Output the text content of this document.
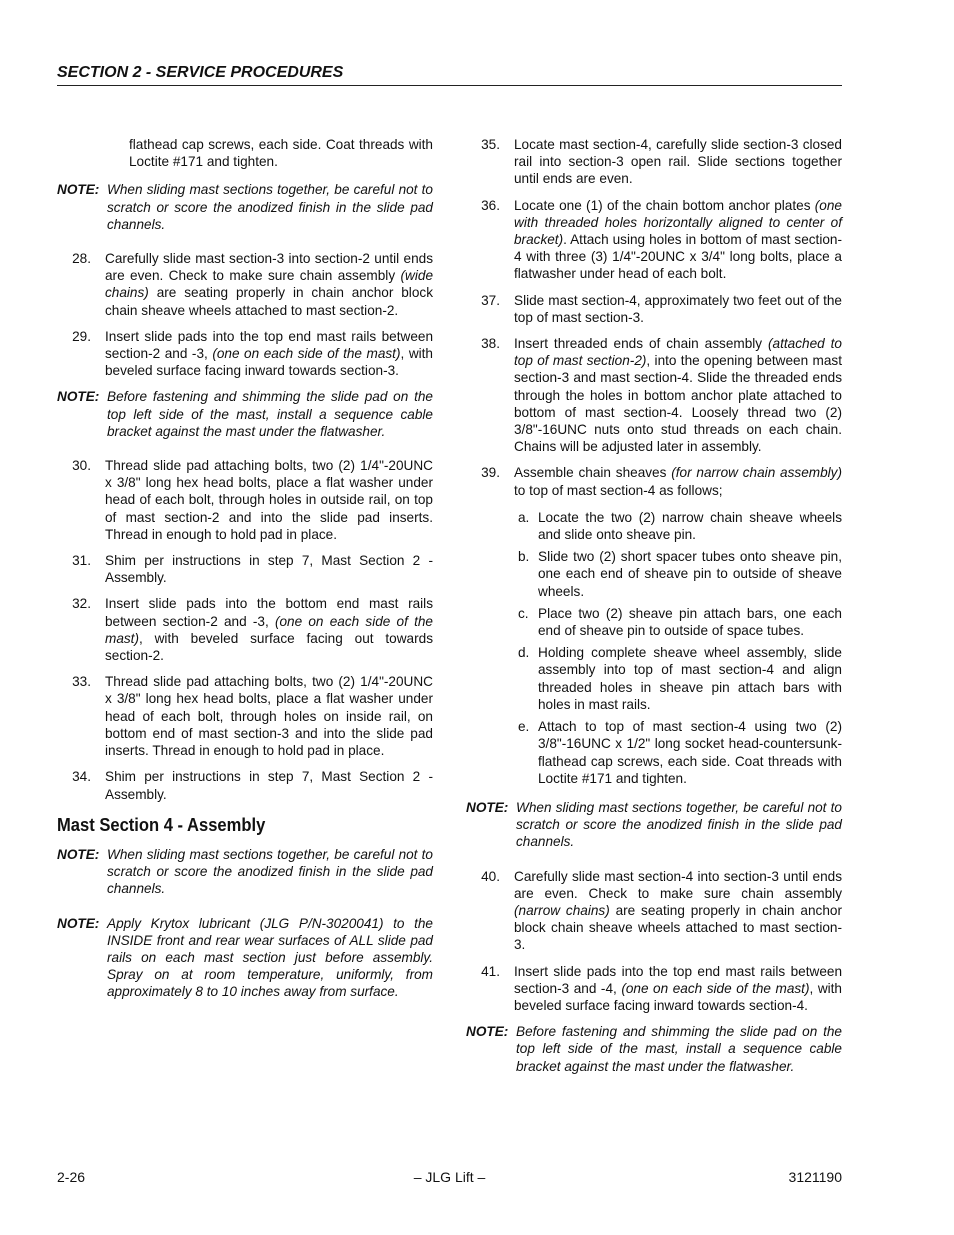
SECTION 2 - SERVICE PROCEDURES

flathead cap screws, each side. Coat threads with Loctite #171 and tighten.

NOTE: When sliding mast sections together, be careful not to scratch or score the anodized finish in the slide pad channels.
28.	Carefully slide mast section-3 into section-2 until ends are even. Check to make sure chain assembly (wide chains) are seating properly in chain anchor block chain sheave wheels attached to mast section-2.
29.	Insert slide pads into the top end mast rails between section-2 and -3, (one on each side of the mast), with beveled surface facing inward towards section-3.
NOTE: Before fastening and shimming the slide pad on the top left side of the mast, install a sequence cable bracket against the mast under the flatwasher.
30.	Thread slide pad attaching bolts, two (2) 1/4"-20UNC x 3/8" long hex head bolts, place a flat washer under head of each bolt, through holes in outside rail, on top of mast section-2 and into the slide pad inserts. Thread in enough to hold pad in place.
31.	Shim per instructions in step 7, Mast Section 2 - Assembly.
32.	Insert slide pads into the bottom end mast rails between section-2 and -3, (one on each side of the mast), with beveled surface facing out towards section-2.
33.	Thread slide pad attaching bolts, two (2) 1/4"-20UNC x 3/8" long hex head bolts, place a flat washer under head of each bolt, through holes on inside rail, on bottom end of mast section-3 and into the slide pad inserts. Thread in enough to hold pad in place.
34.	Shim per instructions in step 7, Mast Section 2 - Assembly.
Mast Section 4 - Assembly
NOTE: When sliding mast sections together, be careful not to scratch or score the anodized finish in the slide pad channels.
NOTE: Apply Krytox lubricant (JLG P/N-3020041) to the INSIDE front and rear wear surfaces of ALL slide pad rails on each mast section just before assembly. Spray on at room temperature, uniformly, from approximately 8 to 10 inches away from surface.
35.	Locate mast section-4, carefully slide section-3 closed rail into section-3 open rail. Slide sections together until ends are even.
36.	Locate one (1) of the chain bottom anchor plates (one with threaded holes horizontally aligned to center of bracket). Attach using holes in bottom of mast section-4 with three (3) 1/4"-20UNC x 3/4" long bolts, place a flatwasher under head of each bolt.
37.	Slide mast section-4, approximately two feet out of the top of mast section-3.
38.	Insert threaded ends of chain assembly (attached to top of mast section-2), into the opening between mast section-3 and mast section-4. Slide the threaded ends through the holes in bottom anchor plate attached to bottom of mast section-4. Loosely thread two (2) 3/8"-16UNC nuts onto stud threads on each chain. Chains will be adjusted later in assembly.
39.	Assemble chain sheaves (for narrow chain assembly) to top of mast section-4 as follows;
a. Locate the two (2) narrow chain sheave wheels and slide onto sheave pin.
b. Slide two (2) short spacer tubes onto sheave pin, one each end of sheave pin to outside of sheave wheels.
c. Place two (2) sheave pin attach bars, one each end of sheave pin to outside of space tubes.
d. Holding complete sheave wheel assembly, slide assembly into top of mast section-4 and align threaded holes in sheave pin attach bars with holes in mast rails.
e. Attach to top of mast section-4 using two (2) 3/8"-16UNC x 1/2" long socket head-countersunk-flathead cap screws, each side. Coat threads with Loctite #171 and tighten.
NOTE: When sliding mast sections together, be careful not to scratch or score the anodized finish in the slide pad channels.
40.	Carefully slide mast section-4 into section-3 until ends are even. Check to make sure chain assembly (narrow chains) are seating properly in chain anchor block chain sheave wheels attached to mast section-3.
41.	Insert slide pads into the top end mast rails between section-3 and -4, (one on each side of the mast), with beveled surface facing inward towards section-4.
NOTE: Before fastening and shimming the slide pad on the top left side of the mast, install a sequence cable bracket against the mast under the flatwasher.
2-26	– JLG Lift –	3121190
